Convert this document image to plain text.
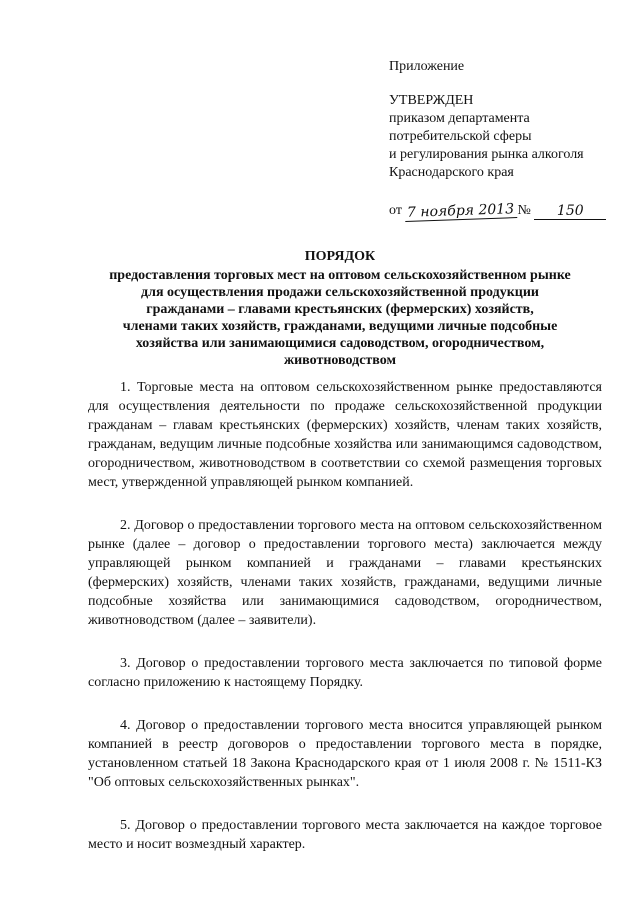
Приложение
УТВЕРЖДЕН
приказом департамента
потребительской сферы
и регулирования рынка алкоголя
Краснодарского края
от
7 ноября 2013 №
	150
ПОРЯДОК
предоставления торговых мест на оптовом сельскохозяйственном рынке
для осуществления продажи сельскохозяйственной продукции
гражданами – главами крестьянских (фермерских) хозяйств,
членами таких хозяйств, гражданами, ведущими личные подсобные
хозяйства или занимающимися садоводством, огородничеством,
животноводством

1. Торговые места на оптовом сельскохозяйственном рынке предоставляются для осуществления деятельности по продаже сельскохозяйственной продукции гражданам – главам крестьянских (фермерских) хозяйств, членам таких хозяйств, гражданам, ведущим личные подсобные хозяйства или занимающимся садоводством, огородничеством, животноводством в соответствии со схемой размещения торговых мест, утвержденной управляющей рынком компанией.

2. Договор о предоставлении торгового места на оптовом сельскохозяйственном рынке (далее – договор о предоставлении торгового места) заключается между управляющей рынком компанией и гражданами – главами крестьянских (фермерских) хозяйств, членами таких хозяйств, гражданами, ведущими личные подсобные хозяйства или занимающимися садоводством, огородничеством, животноводством (далее – заявители).

3. Договор о предоставлении торгового места заключается по типовой форме согласно приложению к настоящему Порядку.

4. Договор о предоставлении торгового места вносится управляющей рынком компанией в реестр договоров о предоставлении торгового места в порядке, установленном статьей 18 Закона Краснодарского края от 1 июля 2008 г. № 1511-КЗ "Об оптовых сельскохозяйственных рынках".

5. Договор о предоставлении торгового места заключается на каждое торговое место и носит возмездный характер.
